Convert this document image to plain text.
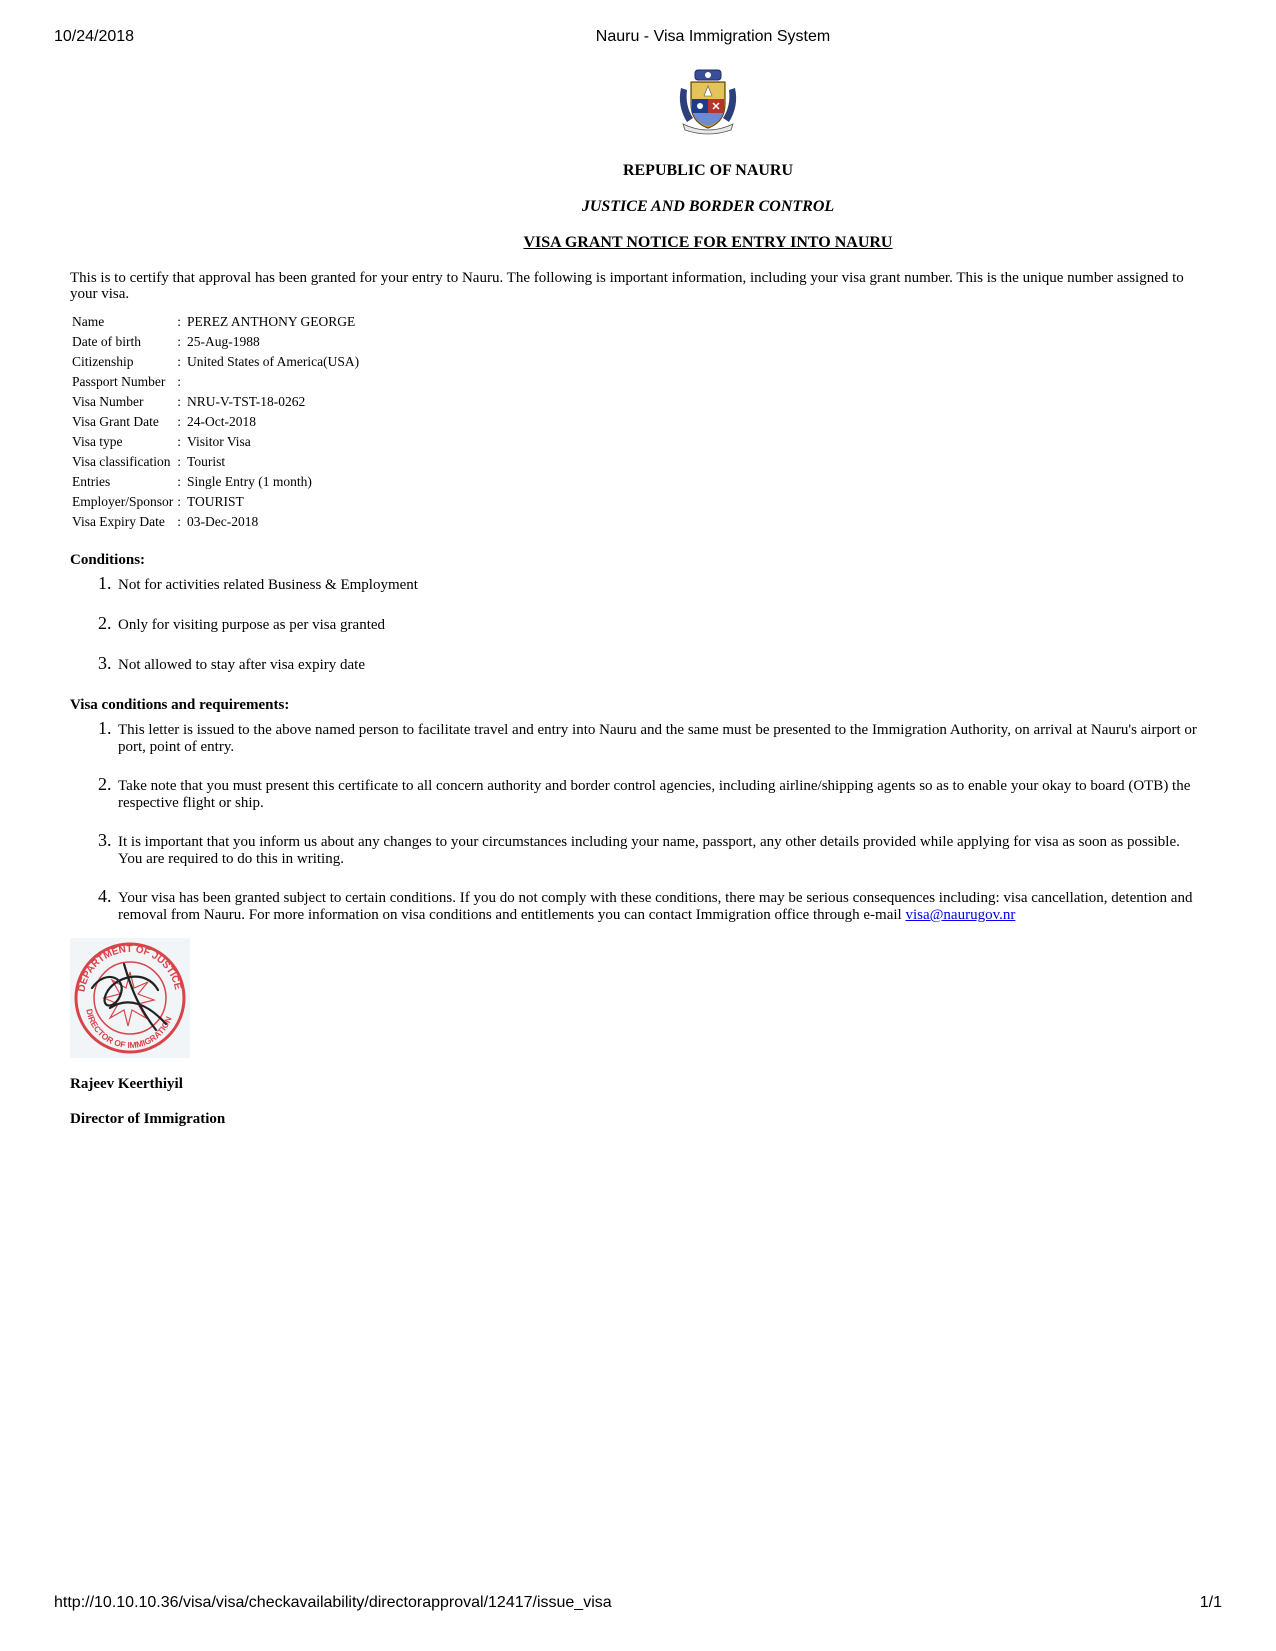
10/24/2018	Nauru - Visa Immigration System
REPUBLIC OF NAURU
JUSTICE AND BORDER CONTROL
VISA GRANT NOTICE FOR ENTRY INTO NAURU
This is to certify that approval has been granted for your entry to Nauru. The following is important information, including your visa grant number. This is the unique number assigned to your visa.
Name	:	PEREZ ANTHONY GEORGE
Date of birth	:	25-Aug-1988
Citizenship	:	United States of America(USA)
Passport Number	:	
Visa Number	:	NRU-V-TST-18-0262
Visa Grant Date	:	24-Oct-2018
Visa type	:	Visitor Visa
Visa classification	:	Tourist
Entries	:	Single Entry (1 month)
Employer/Sponsor	:	TOURIST
Visa Expiry Date	:	03-Dec-2018
Conditions:
1. Not for activities related Business & Employment
2. Only for visiting purpose as per visa granted
3. Not allowed to stay after visa expiry date
Visa conditions and requirements:
1. This letter is issued to the above named person to facilitate travel and entry into Nauru and the same must be presented to the Immigration Authority, on arrival at Nauru's airport or port, point of entry.
2. Take note that you must present this certificate to all concern authority and border control agencies, including airline/shipping agents so as to enable your okay to board (OTB) the respective flight or ship.
3. It is important that you inform us about any changes to your circumstances including your name, passport, any other details provided while applying for visa as soon as possible. You are required to do this in writing.
4. Your visa has been granted subject to certain conditions. If you do not comply with these conditions, there may be serious consequences including: visa cancellation, detention and removal from Nauru. For more information on visa conditions and entitlements you can contact Immigration office through e-mail visa@naurugov.nr
DEPARTMENT OF JUSTICE
DIRECTOR OF IMMIGRATION
Rajeev Keerthiyil
Director of Immigration
http://10.10.10.36/visa/visa/checkavailability/directorapproval/12417/issue_visa	1/1
